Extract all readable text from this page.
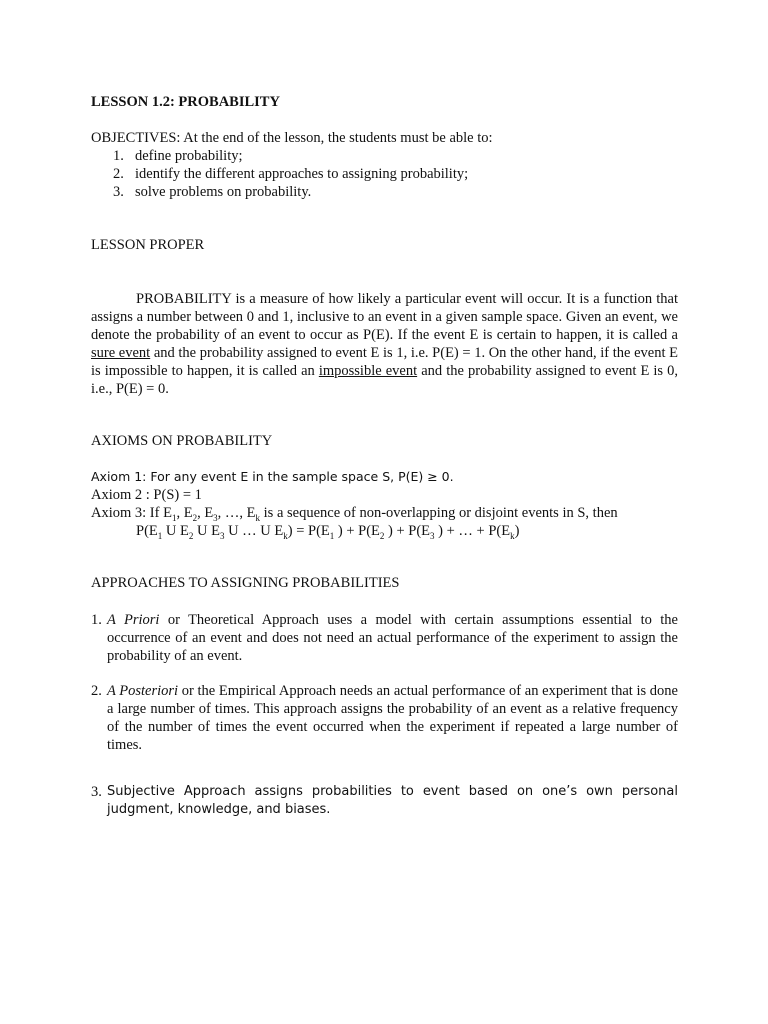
LESSON 1.2: PROBABILITY

OBJECTIVES: At the end of the lesson, the students must be able to:
1. define probability;
2. identify the different approaches to assigning probability;
3. solve problems on probability.

LESSON PROPER

PROBABILITY is a measure of how likely a particular event will occur. It is a function that assigns a number between 0 and 1, inclusive to an event in a given sample space. Given an event, we denote the probability of an event to occur as P(E). If the event E is certain to happen, it is called a sure event and the probability assigned to event E is 1, i.e. P(E) = 1. On the other hand, if the event E is impossible to happen, it is called an impossible event and the probability assigned to event E is 0, i.e., P(E) = 0.

AXIOMS ON PROBABILITY

Axiom 1: For any event E in the sample space S, P(E) ≥ 0.
Axiom 2 : P(S) = 1
Axiom 3: If $E_1$, $E_2$, $E_3$, …, $E_k$ is a sequence of non-overlapping or disjoint events in S, then
$P(E_1$ U $E_2$ U $E_3$ U … U $E_k) = P(E_1$ ) + $P(E_2$ ) + $P(E_3$ ) + … + $P(E_k)$

APPROACHES TO ASSIGNING PROBABILITIES

1. A Priori or Theoretical Approach uses a model with certain assumptions essential to the occurrence of an event and does not need an actual performance of the experiment to assign the probability of an event.
2. A Posteriori or the Empirical Approach needs an actual performance of an experiment that is done a large number of times. This approach assigns the probability of an event as a relative frequency of the number of times the event occurred when the experiment if repeated a large number of times.
3. Subjective Approach assigns probabilities to event based on one’s own personal judgment, knowledge, and biases.
